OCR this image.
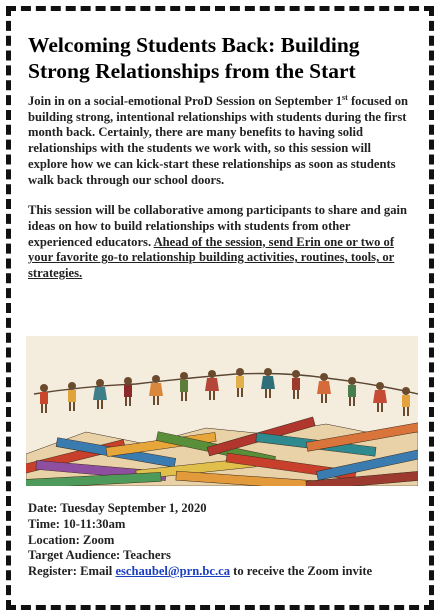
Welcoming Students Back: Building Strong Relationships from the Start

Join in on a social-emotional ProD Session on September 1st focused on building strong, intentional relationships with students during the first month back. Certainly, there are many benefits to having solid relationships with the students we work with, so this session will explore how we can kick-start these relationships as soon as students walk back through our school doors.

This session will be collaborative among participants to share and gain ideas on how to build relationships with students from other experienced educators. Ahead of the session, send Erin one or two of your favorite go-to relationship building activities, routines, tools, or strategies.

Date: Tuesday September 1, 2020
Time: 10-11:30am
Location: Zoom
Target Audience: Teachers
Register: Email eschaubel@prn.bc.ca to receive the Zoom invite
